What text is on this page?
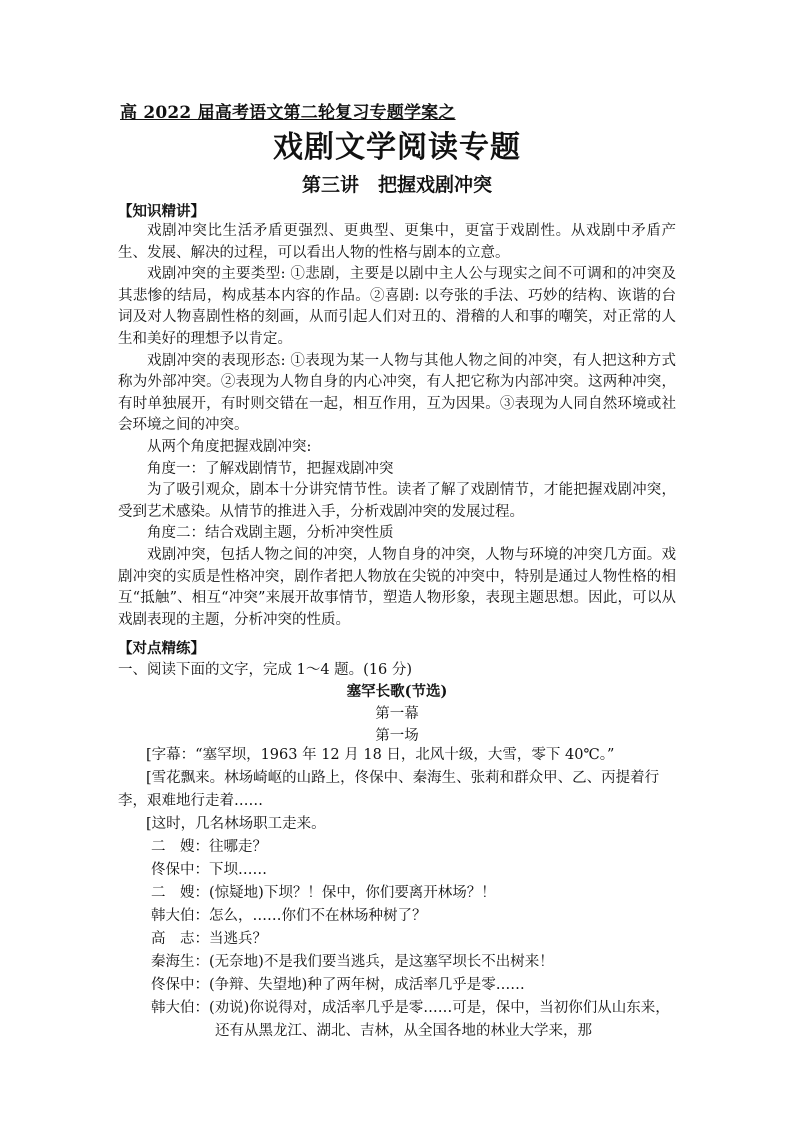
高 2022 届高考语文第二轮复习专题学案之
戏剧文学阅读专题
第三讲　把握戏剧冲突
【知识精讲】

戏剧冲突比生活矛盾更强烈、更典型、更集中，更富于戏剧性。从戏剧中矛盾产生、发展、解决的过程，可以看出人物的性格与剧本的立意。

戏剧冲突的主要类型: ①悲剧，主要是以剧中主人公与现实之间不可调和的冲突及其悲惨的结局，构成基本内容的作品。②喜剧: 以夸张的手法、巧妙的结构、诙谐的台词及对人物喜剧性格的刻画，从而引起人们对丑的、滑稽的人和事的嘲笑，对正常的人生和美好的理想予以肯定。

戏剧冲突的表现形态: ①表现为某一人物与其他人物之间的冲突，有人把这种方式称为外部冲突。②表现为人物自身的内心冲突，有人把它称为内部冲突。这两种冲突，有时单独展开，有时则交错在一起，相互作用，互为因果。③表现为人同自然环境或社会环境之间的冲突。

从两个角度把握戏剧冲突:

角度一：了解戏剧情节，把握戏剧冲突

为了吸引观众，剧本十分讲究情节性。读者了解了戏剧情节，才能把握戏剧冲突，受到艺术感染。从情节的推进入手，分析戏剧冲突的发展过程。

角度二：结合戏剧主题，分析冲突性质

戏剧冲突，包括人物之间的冲突，人物自身的冲突，人物与环境的冲突几方面。戏剧冲突的实质是性格冲突，剧作者把人物放在尖锐的冲突中，特别是通过人物性格的相互“抵触”、相互“冲突”来展开故事情节，塑造人物形象，表现主题思想。因此，可以从戏剧表现的主题，分析冲突的性质。

【对点精练】
一、阅读下面的文字，完成 1～4 题。(16 分)
塞罕长歌(节选)
第一幕
第一场

[字幕：“塞罕坝，1963 年 12 月 18 日，北风十级，大雪，零下 40℃。”

[雪花飘来。林场崎岖的山路上，佟保中、秦海生、张莉和群众甲、乙、丙提着行李，艰难地行走着……

[这时，几名林场职工走来。

二　嫂：往哪走？

佟保中：下坝……

二　嫂：(惊疑地)下坝？！保中，你们要离开林场？！

韩大伯：怎么，……你们不在林场种树了？

高　志：当逃兵？

秦海生：(无奈地)不是我们要当逃兵，是这塞罕坝长不出树来！

佟保中：(争辩、失望地)种了两年树，成活率几乎是零……

韩大伯：(劝说)你说得对，成活率几乎是零……可是，保中，当初你们从山东来，还有从黑龙江、湖北、吉林，从全国各地的林业大学来，那
